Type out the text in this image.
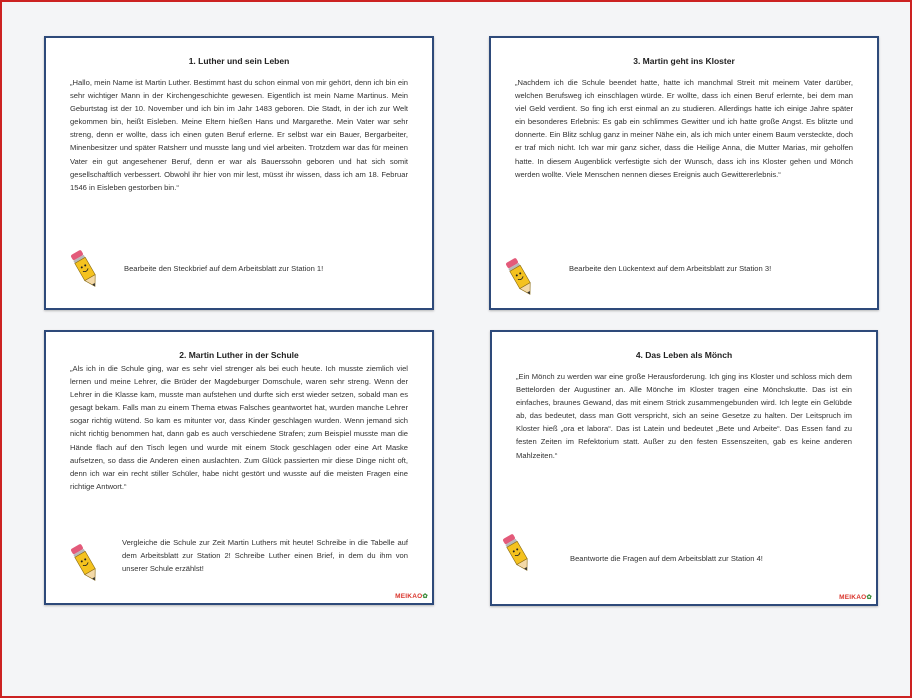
1. Luther und sein Leben
„Hallo, mein Name ist Martin Luther. Bestimmt hast du schon einmal von mir gehört, denn ich bin ein sehr wichtiger Mann in der Kirchengeschichte gewesen. Eigentlich ist mein Name Martinus. Mein Geburtstag ist der 10. November und ich bin im Jahr 1483 geboren. Die Stadt, in der ich zur Welt gekommen bin, heißt Eisleben. Meine Eltern hießen Hans und Margarethe. Mein Vater war sehr streng, denn er wollte, dass ich einen guten Beruf erlerne. Er selbst war ein Bauer, Bergarbeiter, Minenbesitzer und später Ratsherr und musste lang und viel arbeiten. Trotzdem war das für meinen Vater ein gut angesehener Beruf, denn er war als Bauerssohn geboren und hat sich somit gesellschaftlich verbessert. Obwohl ihr hier von mir lest, müsst ihr wissen, dass ich am 18. Februar 1546 in Eisleben gestorben bin.“
Bearbeite den Steckbrief auf dem Arbeitsblatt zur Station 1!
3. Martin geht ins Kloster
„Nachdem ich die Schule beendet hatte, hatte ich manchmal Streit mit meinem Vater darüber, welchen Berufsweg ich einschlagen würde. Er wollte, dass ich einen Beruf erlernte, bei dem man viel Geld verdient. So fing ich erst einmal an zu studieren. Allerdings hatte ich einige Jahre später ein besonderes Erlebnis: Es gab ein schlimmes Gewitter und ich hatte große Angst. Es blitzte und donnerte. Ein Blitz schlug ganz in meiner Nähe ein, als ich mich unter einem Baum versteckte, doch er traf mich nicht. Ich war mir ganz sicher, dass die Heilige Anna, die Mutter Marias, mir geholfen hatte. In diesem Augenblick verfestigte sich der Wunsch, dass ich ins Kloster gehen und Mönch werden wollte. Viele Menschen nennen dieses Ereignis auch Gewittererlebnis.“
Bearbeite den Lückentext auf dem Arbeitsblatt zur Station 3!
2. Martin Luther in der Schule
„Als ich in die Schule ging, war es sehr viel strenger als bei euch heute. Ich musste ziemlich viel lernen und meine Lehrer, die Brüder der Magdeburger Domschule, waren sehr streng. Wenn der Lehrer in die Klasse kam, musste man aufstehen und durfte sich erst wieder setzen, sobald man es gesagt bekam. Falls man zu einem Thema etwas Falsches geantwortet hat, wurden manche Lehrer sogar richtig wütend. So kam es mitunter vor, dass Kinder geschlagen wurden. Wenn jemand sich nicht richtig benommen hat, dann gab es auch verschiedene Strafen; zum Beispiel musste man die Hände flach auf den Tisch legen und wurde mit einem Stock geschlagen oder eine Art Maske aufsetzen, so dass die Anderen einen auslachten. Zum Glück passierten mir diese Dinge nicht oft, denn ich war ein recht stiller Schüler, habe nicht gestört und wusste auf die meisten Fragen eine richtige Antwort.“
Vergleiche die Schule zur Zeit Martin Luthers mit heute! Schreibe in die Tabelle auf dem Arbeitsblatt zur Station 2! Schreibe Luther einen Brief, in dem du ihm von unserer Schule erzählst!
MEIKAO✿
4. Das Leben als Mönch
„Ein Mönch zu werden war eine große Herausforderung. Ich ging ins Kloster und schloss mich dem Bettelorden der Augustiner an. Alle Mönche im Kloster tragen eine Mönchskutte. Das ist ein einfaches, braunes Gewand, das mit einem Strick zusammengebunden wird. Ich legte ein Gelübde ab, das bedeutet, dass man Gott verspricht, sich an seine Gesetze zu halten. Der Leitspruch im Kloster hieß „ora et labora“. Das ist Latein und bedeutet „Bete und Arbeite“. Das Essen fand zu festen Zeiten im Refektorium statt. Außer zu den festen Essenszeiten, gab es keine anderen Mahlzeiten.“
Beantworte die Fragen auf dem Arbeitsblatt zur Station 4!
MEIKAO✿
